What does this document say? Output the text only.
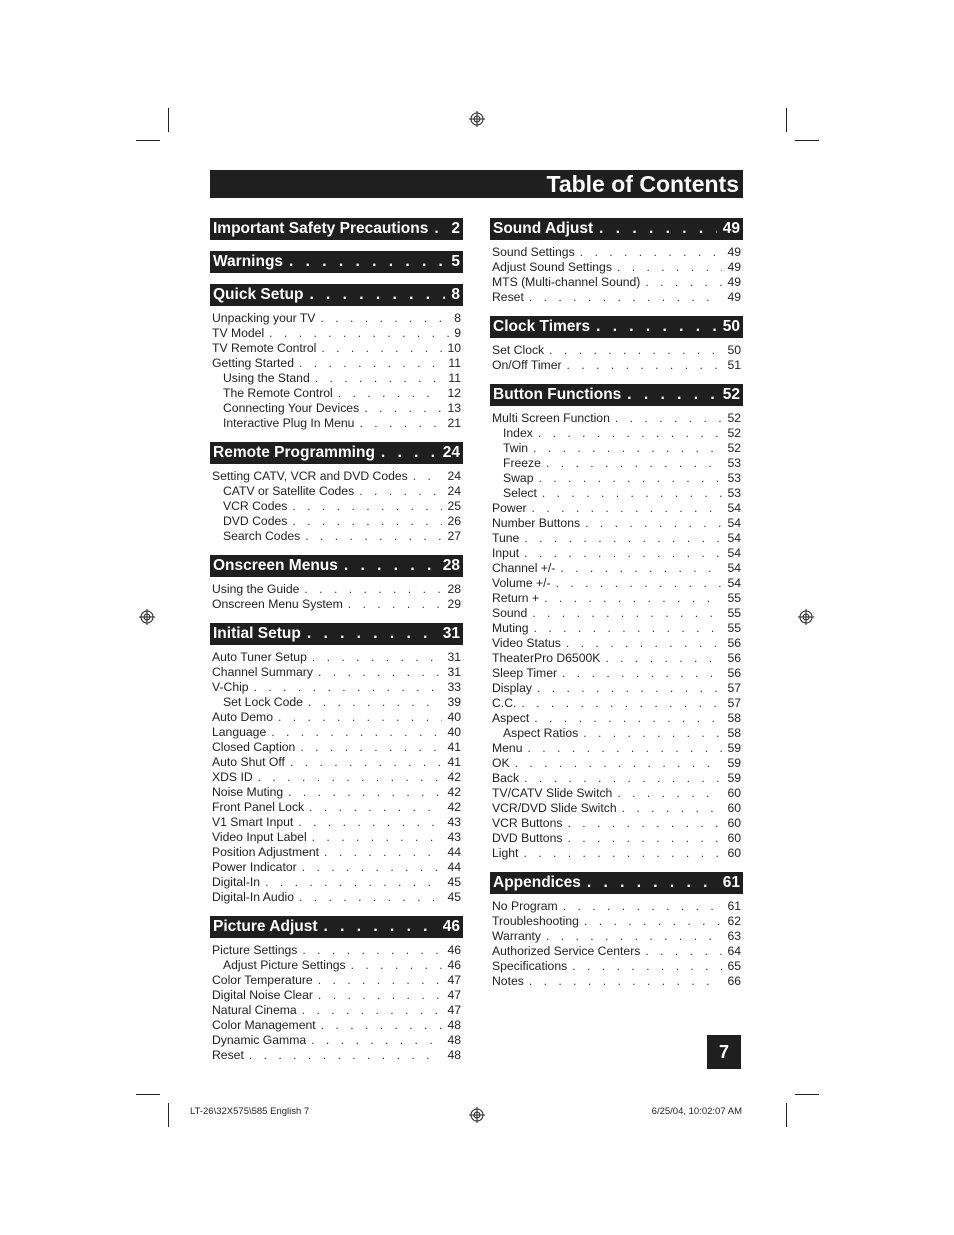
Table of Contents
Important Safety Precautions . . . 2
Warnings . . .	5
Quick Setup . . .	8
Unpacking your TV . . .	8
TV Model . . .	9
TV Remote Control . . .	10
Getting Started . . .	11
Using the Stand . . .	11
The Remote Control . . .	12
Connecting Your Devices . . .	13
Interactive Plug In Menu . . .	21
Remote Programming . . .	24
Setting CATV, VCR and DVD Codes . . .	24
CATV or Satellite Codes . . .	24
VCR Codes . . .	25
DVD Codes . . .	26
Search Codes . . .	27
Onscreen Menus . . .	28
Using the Guide . . .	28
Onscreen Menu System . . .	29
Initial Setup . . .	31
Auto Tuner Setup . . .	31
Channel Summary . . .	31
V-Chip . . .	33
Set Lock Code . . .	39
Auto Demo . . .	40
Language . . .	40
Closed Caption . . .	41
Auto Shut Off . . .	41
XDS ID . . .	42
Noise Muting . . .	42
Front Panel Lock . . .	42
V1 Smart Input . . .	43
Video Input Label . . .	43
Position Adjustment . . .	44
Power Indicator . . .	44
Digital-In . . .	45
Digital-In Audio . . .	45
Picture Adjust . . .	46
Picture Settings . . .	46
Adjust Picture Settings . . .	46
Color Temperature . . .	47
Digital Noise Clear . . .	47
Natural Cinema . . .	47
Color Management . . .	48
Dynamic Gamma . . .	48
Reset . . .	48
Sound Adjust . . .	49
Sound Settings . . .	49
Adjust Sound Settings . . .	49
MTS (Multi-channel Sound) . . .	49
Reset . . .	49
Clock Timers . . .	50
Set Clock . . .	50
On/Off Timer . . .	51
Button Functions . . .	52
Multi Screen Function . . .	52
Index . . .	52
Twin . . .	52
Freeze . . .	53
Swap . . .	53
Select . . .	53
Power . . .	54
Number Buttons . . .	54
Tune . . .	54
Input . . .	54
Channel +/- . . .	54
Volume +/- . . .	54
Return + . . .	55
Sound . . .	55
Muting . . .	55
Video Status . . .	56
TheaterPro D6500K . . .	56
Sleep Timer . . .	56
Display . . .	57
C.C. . . .	57
Aspect . . .	58
Aspect Ratios . . .	58
Menu . . .	59
OK . . .	59
Back . . .	59
TV/CATV Slide Switch . . .	60
VCR/DVD Slide Switch . . .	60
VCR Buttons . . .	60
DVD Buttons . . .	60
Light . . .	60
Appendices . . .	61
No Program . . .	61
Troubleshooting . . .	62
Warranty . . .	63
Authorized Service Centers . . .	64
Specifications . . .	65
Notes . . .	66
7
LT-26\32X575\585 English 7	6/25/04, 10:02:07 AM
